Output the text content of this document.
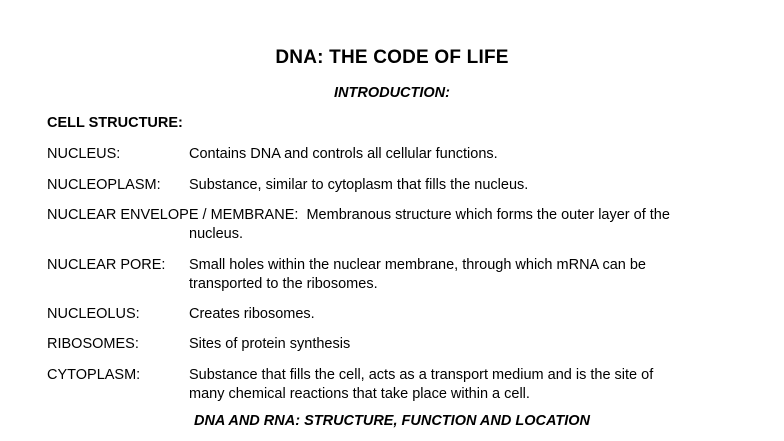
DNA: THE CODE OF LIFE
INTRODUCTION:
CELL STRUCTURE:
NUCLEUS:	Contains DNA and controls all cellular functions.
NUCLEOPLASM: Substance, similar to cytoplasm that fills the nucleus.
NUCLEAR ENVELOPE / MEMBRANE: Membranous structure which forms the outer layer of the
nucleus.
NUCLEAR PORE: Small holes within the nuclear membrane, through which mRNA can be
transported to the ribosomes.
NUCLEOLUS:	Creates ribosomes.
RIBOSOMES:	Sites of protein synthesis
CYTOPLASM:	Substance that fills the cell, acts as a transport medium and is the site of
many chemical reactions that take place within a cell.
DNA AND RNA: STRUCTURE, FUNCTION AND LOCATION
